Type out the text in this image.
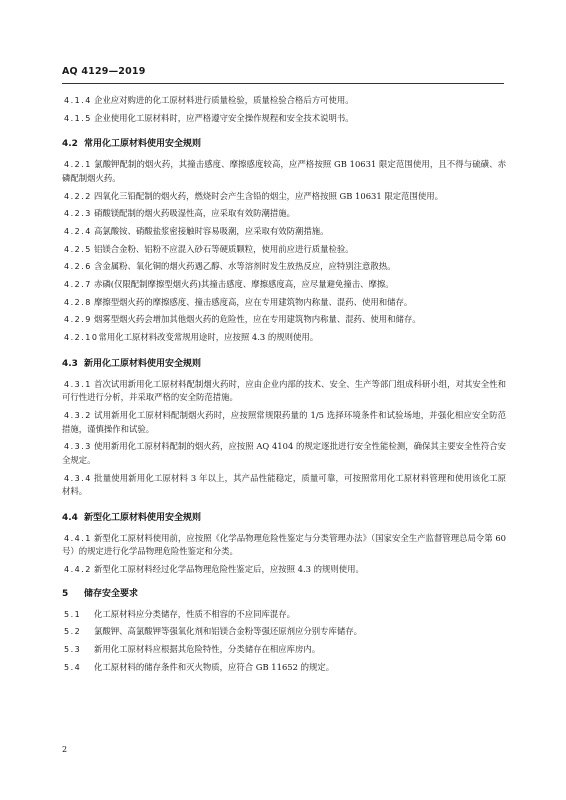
AQ 4129—2019
4.1.4 企业应对购进的化工原材料进行质量检验，质量检验合格后方可使用。
4.1.5 企业使用化工原材料时，应严格遵守安全操作规程和安全技术说明书。
4.2 常用化工原材料使用安全规则
4.2.1 氯酸钾配制的烟火药，其撞击感度、摩擦感度较高，应严格按照 GB 10631 限定范围使用，且不得与硫磺、赤磷配制烟火药。
4.2.2 四氧化三铅配制的烟火药，燃烧时会产生含铅的烟尘，应严格按照 GB 10631 限定范围使用。
4.2.3 硝酸镁配制的烟火药吸湿性高，应采取有效防潮措施。
4.2.4 高氯酸铵、硝酸盐浆密接触时容易吸潮，应采取有效防潮措施。
4.2.5 铝镁合金粉、铝粉不应混入砂石等硬质颗粒，使用前应进行质量检验。
4.2.6 含金属粉、氧化铜的烟火药遇乙醇、水等溶剂时发生放热反应，应特别注意散热。
4.2.7 赤磷(仅限配制摩擦型烟火药)其撞击感度、摩擦感度高，应尽量避免撞击、摩擦。
4.2.8 摩擦型烟火药的摩擦感度、撞击感度高，应在专用建筑物内称量、混药、使用和储存。
4.2.9 烟雾型烟火药会增加其他烟火药的危险性，应在专用建筑物内称量、混药、使用和储存。
4.2.10常用化工原材料改变常规用途时，应按照 4.3 的规则使用。
4.3 新用化工原材料使用安全规则
4.3.1 首次试用新用化工原材料配制烟火药时，应由企业内部的技术、安全、生产等部门组成科研小组，对其安全性和可行性进行分析，并采取严格的安全防范措施。
4.3.2 试用新用化工原材料配制烟火药时，应按照常规限药量的 1/5 选择环境条件和试验场地，并强化相应安全防范措施，谨慎操作和试验。
4.3.3 使用新用化工原材料配制的烟火药，应按照 AQ 4104 的规定逐批进行安全性能检测，确保其主要安全性符合安全规定。
4.3.4 批量使用新用化工原材料 3 年以上，其产品性能稳定，质量可靠，可按照常用化工原材料管理和使用该化工原材料。
4.4 新型化工原材料使用安全规则
4.4.1 新型化工原材料使用前，应按照《化学品物理危险性鉴定与分类管理办法》（国家安全生产监督管理总局令第 60 号）的规定进行化学品物理危险性鉴定和分类。
4.4.2 新型化工原材料经过化学品物理危险性鉴定后，应按照 4.3 的规则使用。
5 储存安全要求
5.1 化工原材料应分类储存，性质不相容的不应同库混存。
5.2 氯酸钾、高氯酸钾等强氧化剂和铝镁合金粉等强还原剂应分别专库储存。
5.3 新用化工原材料应根据其危险特性，分类储存在相应库房内。
5.4 化工原材料的储存条件和灭火物质，应符合 GB 11652 的规定。
2
